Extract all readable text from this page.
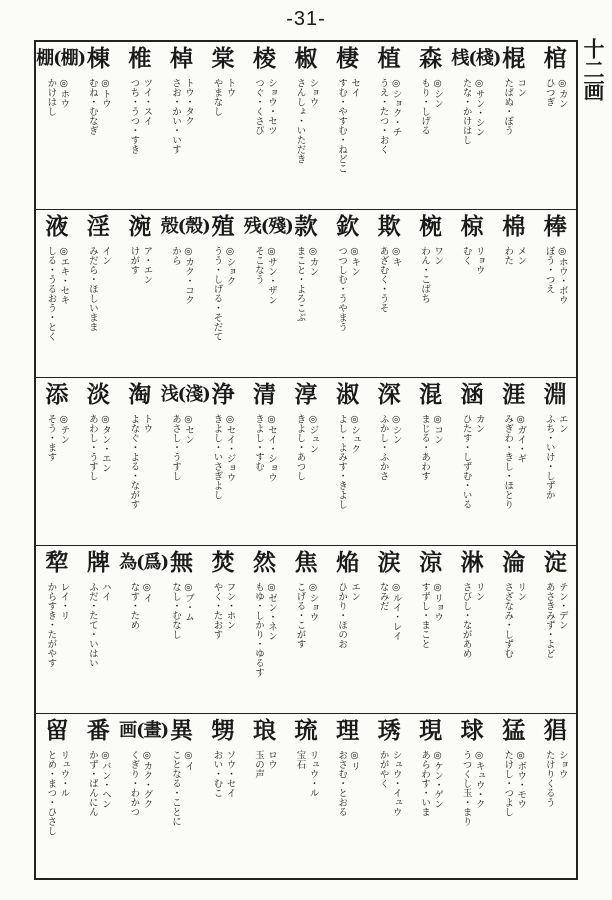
-31-
十二画
棺
◎カン
ひつぎ
棍
コン
たばぬ・ぼう
桟(棧)
◎サン・シン
たな・かけはし
森
◎シン
もり・しげる
植
◎ショク・チ
うえ・たつ・おく
棲
セイ
すむ・やすむ・ねどこ
椒
ショウ
さんしょ・いただき
棱
ショウ・セツ
つぐ・くさび
棠
トウ
やまなし
棹
トウ・タク
さお・かい・いす
椎
ツイ・スイ
つち・うつ・すき
棟
◎トウ
むね・むなぎ
棚(棚)
◎ホウ
かけはし
棒
◎ホウ・ボウ
ぼう・つえ
棉
メン
わた
椋
リョウ
むく
椀
ワン
わん・こばち
欺
◎キ
あざむく・うそ
欽
◎キン
つつしむ・うやまう
款
◎カン
まこと・よろこぶ
残(殘)
◎サン・ザン
そこなう
殖
◎ショク
うう・しげる・そだて
殻(殼)
◎カク・コク
から
涴
ア・エン
けがす
淫
イン
みだら・ほしいまま
液
◎エキ・セキ
しる・うるおう・とく
淵
エン
ふち・いけ・しずか
涯
◎ガイ・ギ
みぎわ・きし・ほとり
涵
カン
ひたす・しずむ・いる
混
◎コン
まじる・あわす
深
◎シン
ふかし・ふかさ
淑
◎シュク
よし・よみす・きよし
淳
◎ジュン
きよし・あつし
清
◎セイ・ショウ
きよし・すむ
浄
◎セイ・ジョウ
きよし・いさぎよし
浅(淺)
◎セン
あさし・うすし
淘
トウ
よなぐ・よる・ながす
淡
◎タン・エン
あわし・うすし
添
◎テン
そう・ます
淀
テン・デン
あさきみず・よど
淪
リン
さざなみ・しずむ
淋
リン
さびし・ながあめ
涼
◎リョウ
すずし・まこと
涙
◎ルイ・レイ
なみだ
焔
エン
ひかり・ほのお
焦
◎ショウ
こげる・こがす
然
◎ゼン・ネン
もゆ・しかり・ゆるす
焚
フン・ホン
やく・たおす
無
◎ブ・ム
なし・むなし
為(爲)
◎イ
なす・ため
牌
ハイ
ふだ・たて・いはい
犂
レイ・リ
からすき・たがやす
猖
ショウ
たけりくるう
猛
◎ボウ・モウ
たけし・つよし
球
◎キュウ・ク
うつくし玉・まり
現
◎ケン・ゲン
あらわす・いま
琇
シュウ・イュウ
かがやく
理
◎リ
おさむ・とおる
琉
リュウ・ル
宝石
琅
ロウ
玉の声
甥
ソウ・セイ
おい・むこ
異
◎イ
ことなる・ことに
画(畫)
◎カク・グク
くぎり・わかつ
番
◎バン・ヘン
かず・ばんにん
留
リュウ・ル
とめ・まつ・ひさし
